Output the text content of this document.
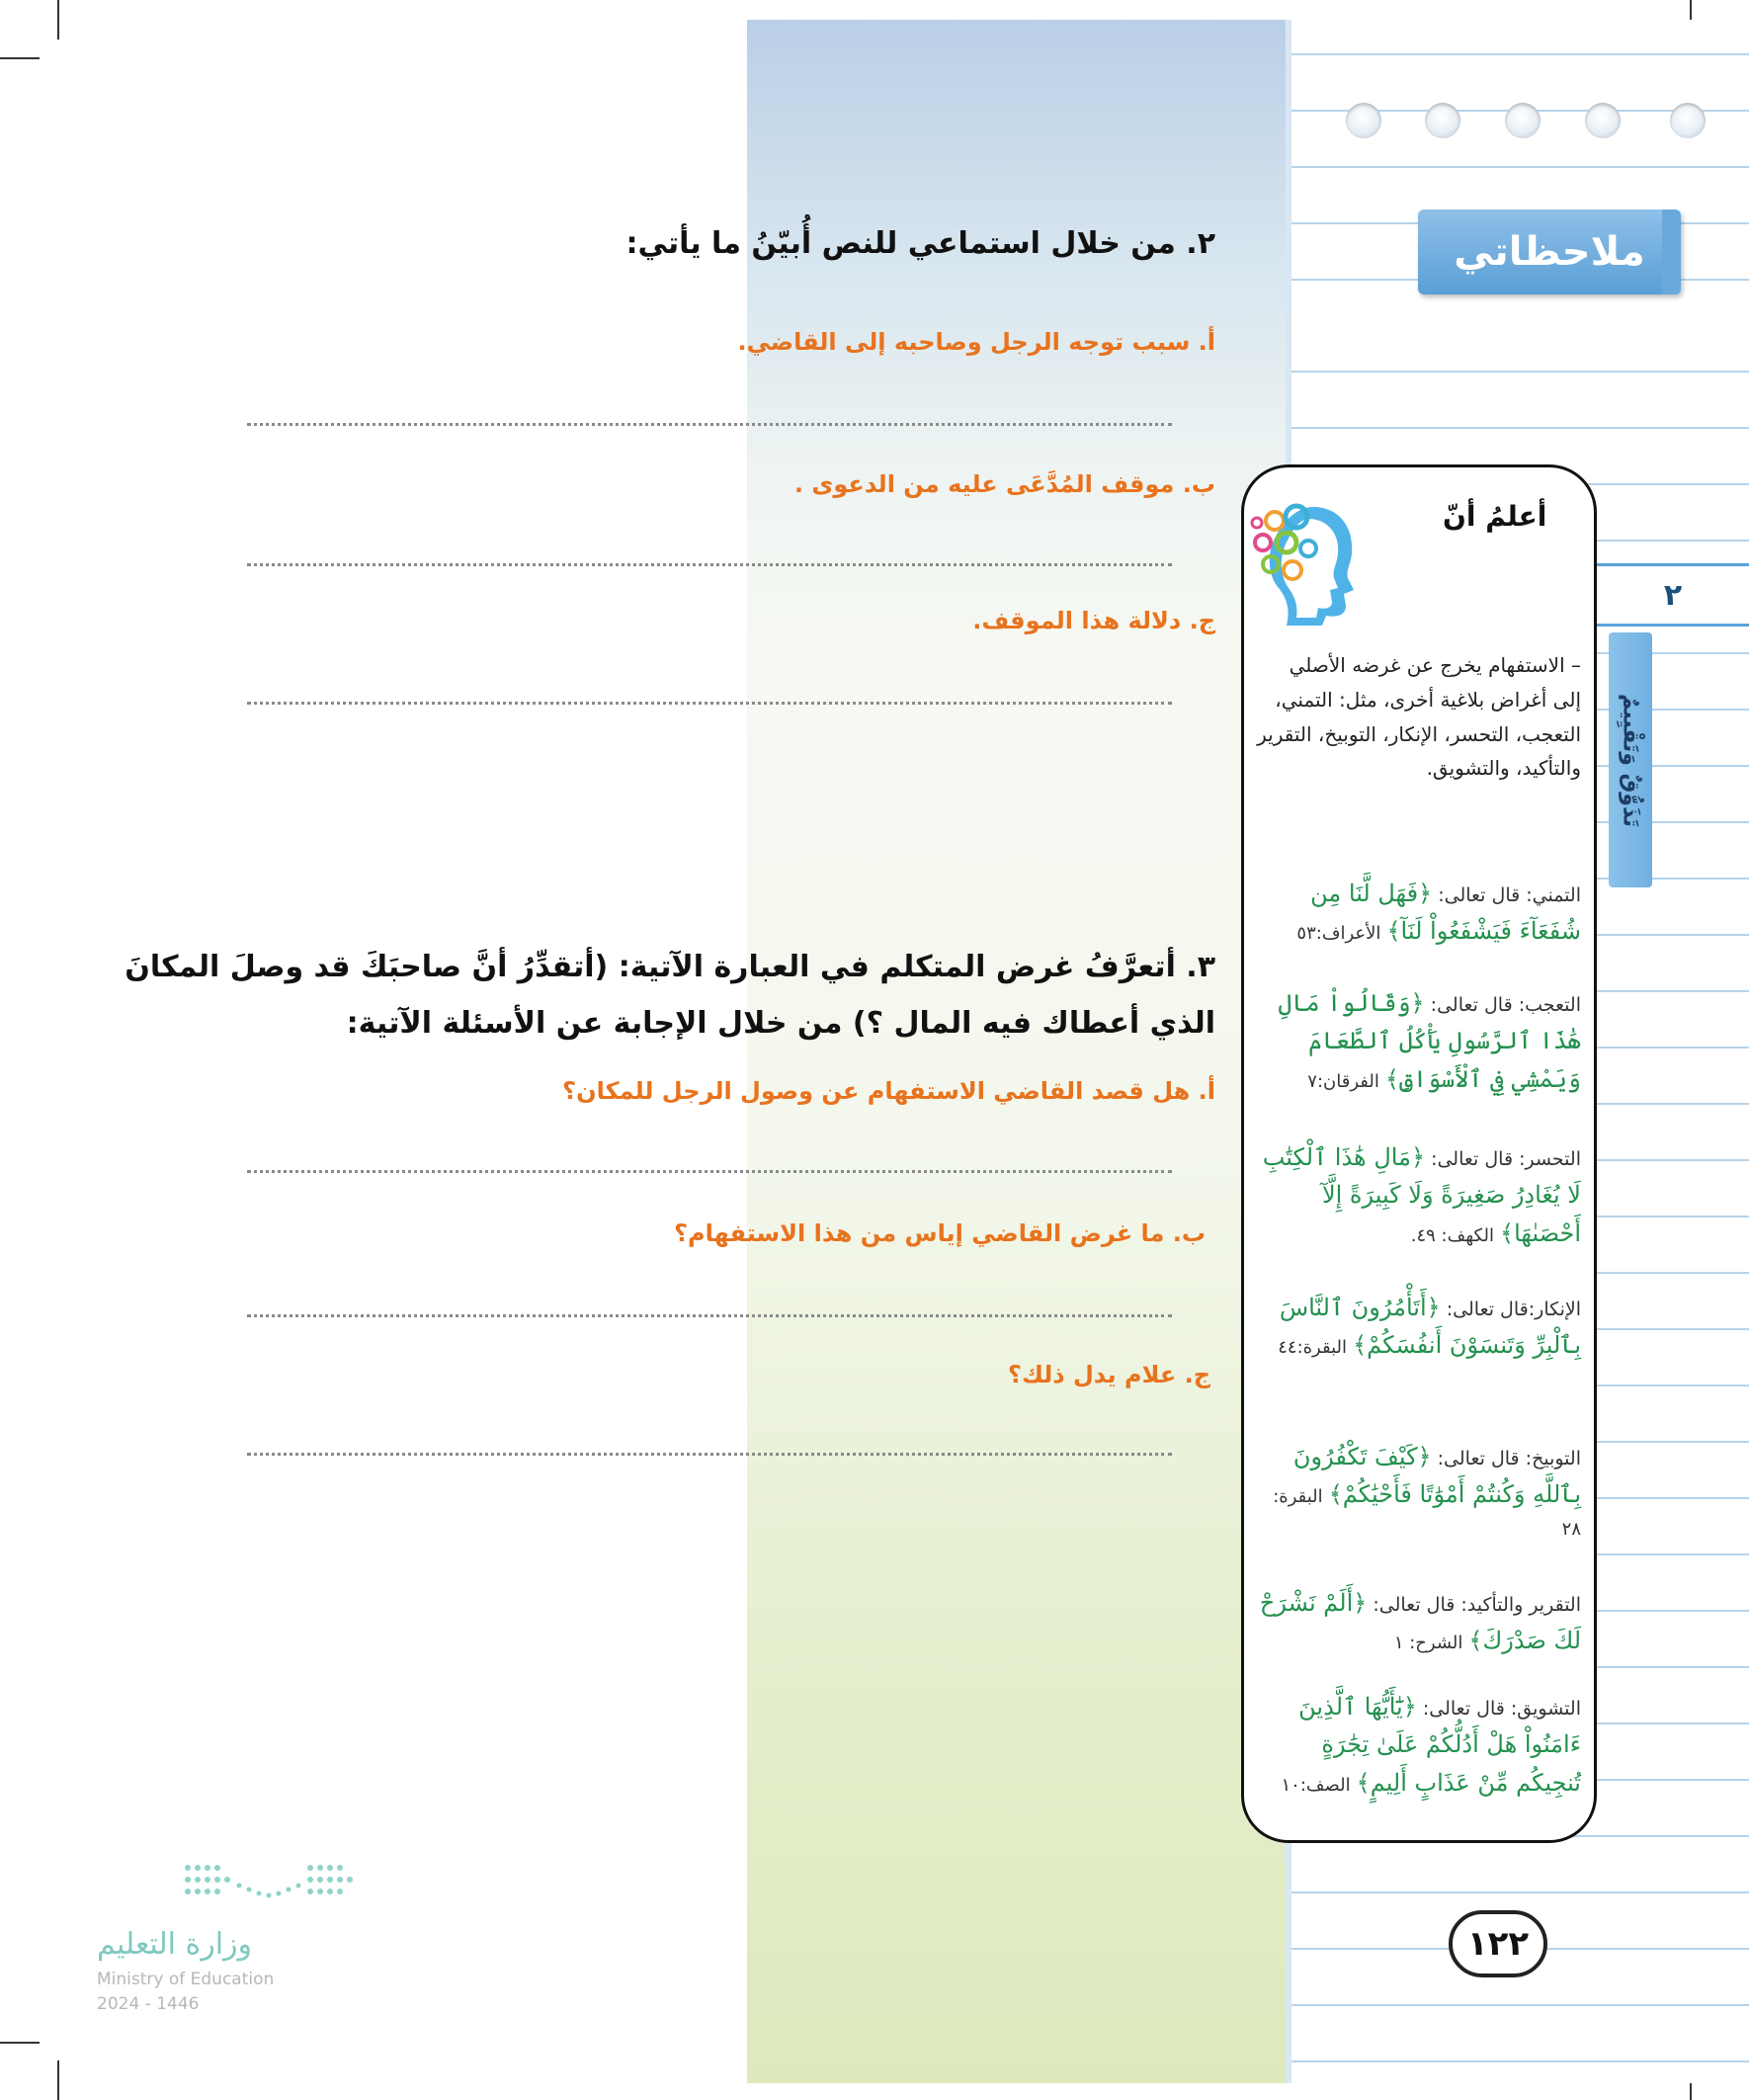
ملاحظاتي
٢
تَذَوُّقٌ وَتَقْيِيمٌ
٢. من خلال استماعي للنص أُبيّنُ ما يأتي:
أ. سبب توجه الرجل وصاحبه إلى القاضي.
ب. موقف المُدَّعَى عليه من الدعوى .
ج. دلالة هذا الموقف.
٣. أتعرَّفُ غرض المتكلم في العبارة الآتية: (أتقدِّرُ أنَّ صاحبَكَ قد وصلَ المكانَ
الذي أعطاك فيه المال ؟) من خلال الإجابة عن الأسئلة الآتية:
أ. هل قصد القاضي الاستفهام عن وصول الرجل للمكان؟
ب. ما غرض القاضي إياس من هذا الاستفهام؟
ج. علام يدل ذلك؟
أعلمُ أنّ
– الاستفهام يخرج عن غرضه الأصلي إلى أغراض بلاغية أخرى، مثل: التمني، التعجب، التحسر، الإنكار، التوبيخ، التقرير والتأكيد، والتشويق.
التمني: قال تعالى: ﴿فَهَل لَّنَا مِن شُفَعَآءَ فَيَشْفَعُواْ لَنَآ﴾ الأعراف:٥٣
التعجب: قال تعالى: ﴿وَقَالُواْ مَالِ هَٰذَا ٱلرَّسُولِ يَأْكُلُ ٱلطَّعَامَ وَيَمْشِي فِي ٱلْأَسْوَاقِ﴾ الفرقان:٧
التحسر: قال تعالى: ﴿مَالِ هَٰذَا ٱلْكِتَٰبِ لَا يُغَادِرُ صَغِيرَةً وَلَا كَبِيرَةً إِلَّآ أَحْصَىٰهَا﴾ الكهف: ٤٩.
الإنكار:قال تعالى: ﴿أَتَأْمُرُونَ ٱلنَّاسَ بِٱلْبِرِّ وَتَنسَوْنَ أَنفُسَكُمْ﴾ البقرة:٤٤
التوبيخ: قال تعالى: ﴿كَيْفَ تَكْفُرُونَ بِٱللَّهِ وَكُنتُمْ أَمْوَٰتًا فَأَحْيَٰكُمْ﴾ البقرة: ٢٨
التقرير والتأكيد: قال تعالى: ﴿أَلَمْ نَشْرَحْ لَكَ صَدْرَكَ﴾ الشرح: ١
التشويق: قال تعالى: ﴿يَٰٓأَيُّهَا ٱلَّذِينَ ءَامَنُواْ هَلْ أَدُلُّكُمْ عَلَىٰ تِجَٰرَةٍ تُنجِيكُم مِّنْ عَذَابٍ أَلِيمٍ﴾ الصف:١٠
١٢٢
وزارة التعليم
Ministry of Education
2024 - 1446
